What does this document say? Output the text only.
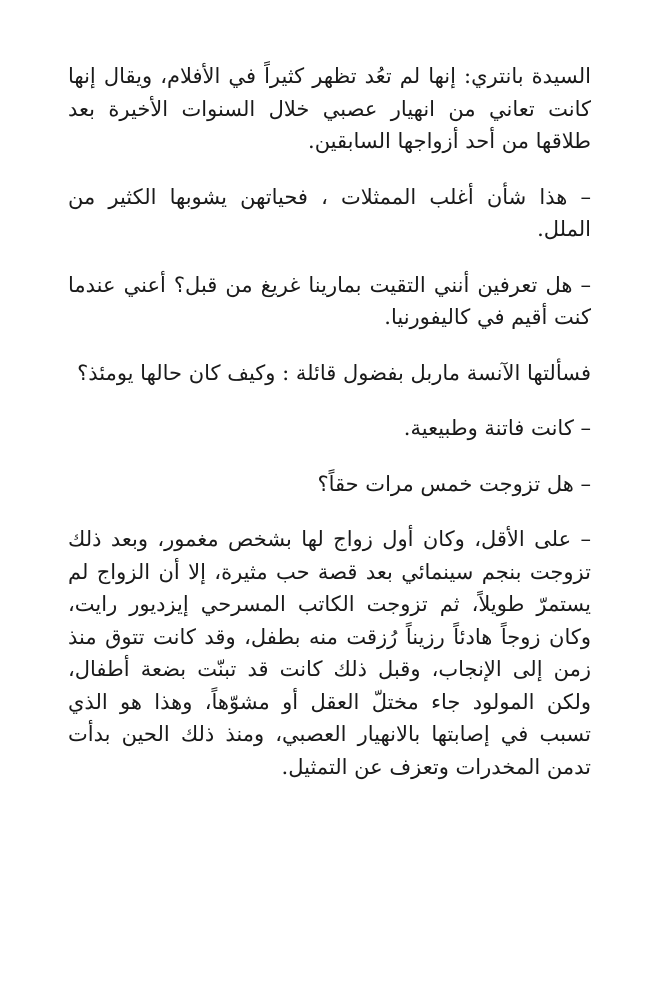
السيدة بانتري: إنها لم تعُد تظهر كثيراً في الأفلام، ويقال إنها كانت تعاني من انهيار عصبي خلال السنوات الأخيرة بعد طلاقها من أحد أزواجها السابقين.

– هذا شأن أغلب الممثلات ، فحياتهن يشوبها الكثير من الملل.

– هل تعرفين أنني التقيت بمارينا غريغ من قبل؟ أعني عندما كنت أقيم في كاليفورنيا.

فسألتها الآنسة ماربل بفضول قائلة : وكيف كان حالها يومئذ؟

– كانت فاتنة وطبيعية.

– هل تزوجت خمس مرات حقاً؟

– على الأقل، وكان أول زواج لها بشخص مغمور، وبعد ذلك تزوجت بنجم سينمائي بعد قصة حب مثيرة، إلا أن الزواج لم يستمرّ طويلاً، ثم تزوجت الكاتب المسرحي إيزديور رايت، وكان زوجاً هادئاً رزيناً رُزقت منه بطفل، وقد كانت تتوق منذ زمن إلى الإنجاب، وقبل ذلك كانت قد تبنّت بضعة أطفال، ولكن المولود جاء مختلّ العقل أو مشوّهاً، وهذا هو الذي تسبب في إصابتها بالانهيار العصبي، ومنذ ذلك الحين بدأت تدمن المخدرات وتعزف عن التمثيل.
